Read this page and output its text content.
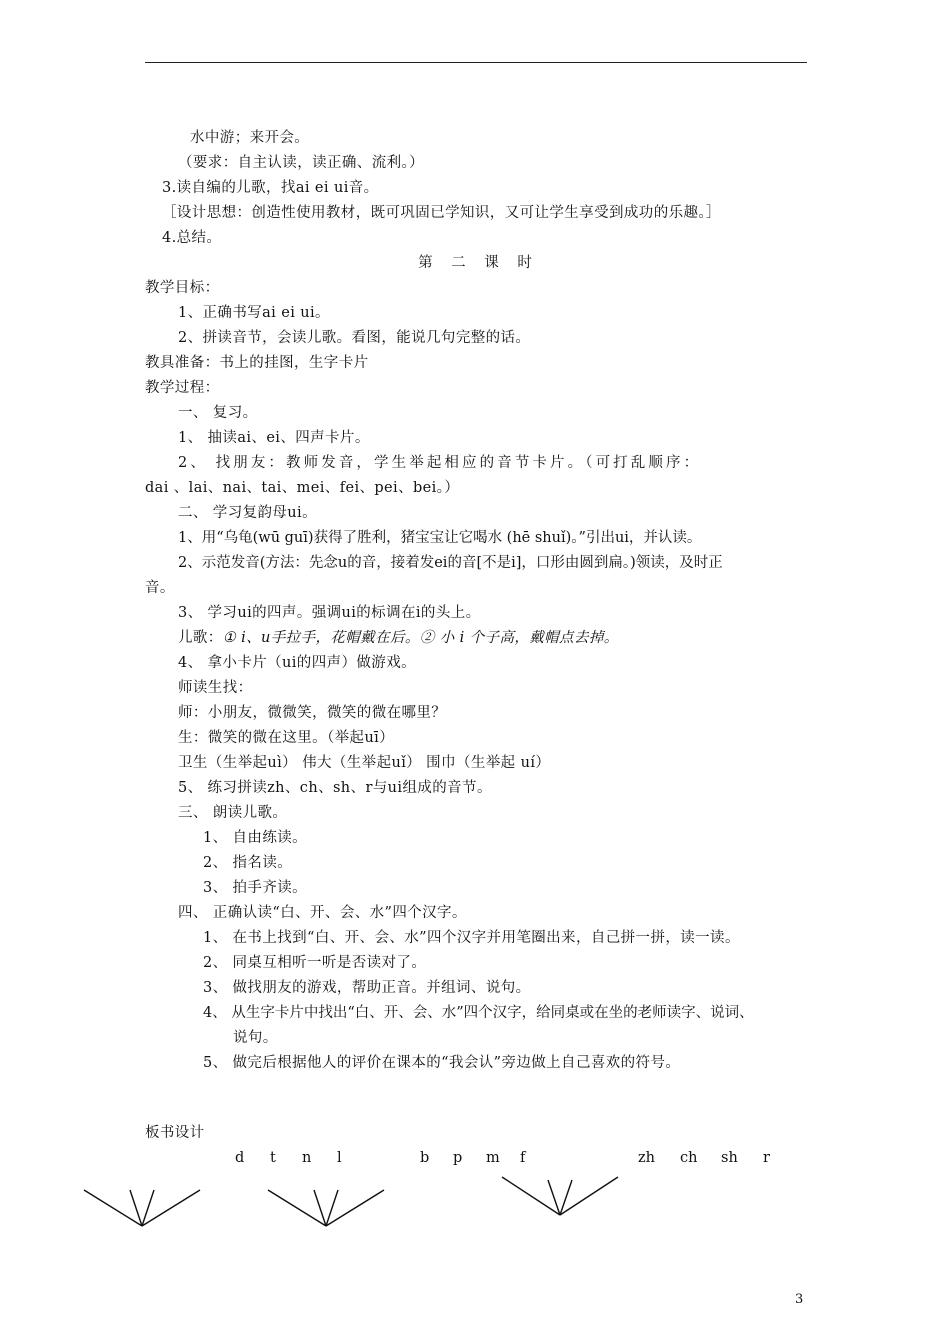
水中游；来开会。
（要求：自主认读，读正确、流利。）
3.读自编的儿歌，找ai ei ui音。
［设计思想：创造性使用教材，既可巩固已学知识，又可让学生享受到成功的乐趣。］
4.总结。
第 二 课 时
教学目标：
1、正确书写ai ei ui。
2、拼读音节，会读儿歌。看图，能说几句完整的话。
教具准备：书上的挂图，生字卡片
教学过程：
一、 复习。
1、 抽读ai、ei、四声卡片。
2、 找朋友：教师发音，学生举起相应的音节卡片。（可打乱顺序：
dai 、lai、nai、tai、mei、fei、pei、bei。）
二、 学习复韵母ui。
1、用“乌龟(wū guī)获得了胜利，猪宝宝让它喝水 (hē shuǐ)。”引出ui，并认读。
2、示范发音(方法：先念u的音，接着发ei的音[不是i]，口形由圆到扁。)领读，及时正
音。
3、 学习ui的四声。强调ui的标调在i的头上。
儿歌：① i、u手拉手，花帽戴在后。② 小 i 个子高，戴帽点去掉。
4、 拿小卡片（ui的四声）做游戏。
师读生找：
师：小朋友，微微笑，微笑的微在哪里？
生：微笑的微在这里。（举起uī）
卫生（生举起uì） 伟大（生举起uǐ） 围巾（生举起 uí）
5、 练习拼读zh、ch、sh、r与ui组成的音节。
三、 朗读儿歌。
1、 自由练读。
2、 指名读。
3、 拍手齐读。
四、 正确认读“白、开、会、水”四个汉字。
1、 在书上找到“白、开、会、水”四个汉字并用笔圈出来，自己拼一拼，读一读。
2、 同桌互相听一听是否读对了。
3、 做找朋友的游戏，帮助正音。并组词、说句。
4、 从生字卡片中找出“白、开、会、水”四个汉字，给同桌或在坐的老师读字、说词、
说句。
5、 做完后根据他人的评价在课本的“我会认”旁边做上自己喜欢的符号。
板书设计
d t n l	b p m f	zh ch sh r
3
